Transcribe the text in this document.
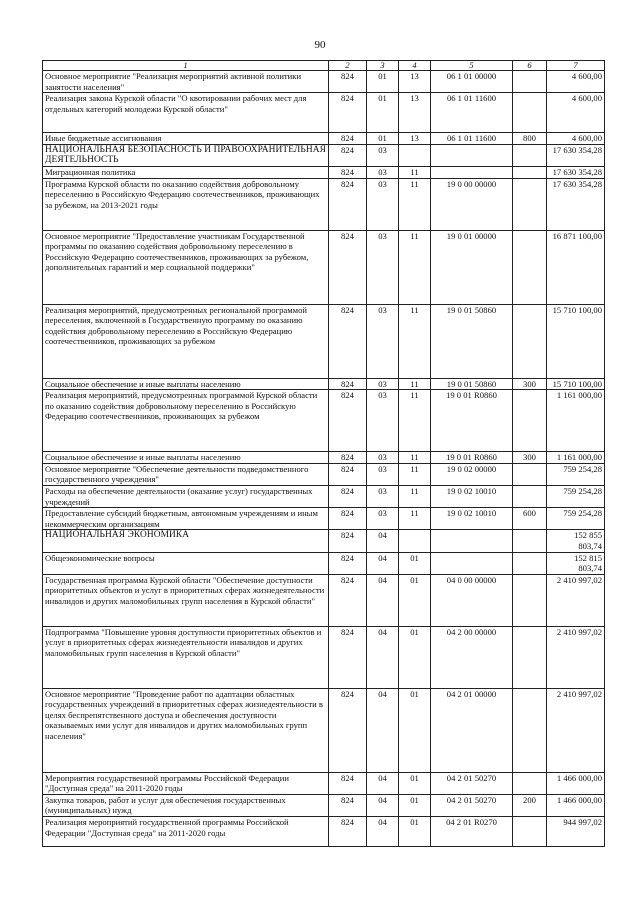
90
1	2	3	4	5	6	7
Основное мероприятие "Реализация мероприятий активной политики занятости населения"	824	01	13	06 1 01 00000		4 600,00
Реализация закона Курской области "О квотировании рабочих мест для отдельных категорий молодежи Курской области"	824	01	13	06 1 01 11600		4 600,00
Иные бюджетные ассигнования	824	01	13	06 1 01 11600	800	4 600,00
НАЦИОНАЛЬНАЯ БЕЗОПАСНОСТЬ И ПРАВООХРАНИТЕЛЬНАЯ ДЕЯТЕЛЬНОСТЬ	824	03				17 630 354,28
Миграционная политика	824	03	11			17 630 354,28
Программа Курской области по оказанию содействия добровольному переселению в Российскую Федерацию соотечественников, проживающих за рубежом, на 2013-2021 годы	824	03	11	19 0 00 00000		17 630 354,28
Основное мероприятие "Предоставление участникам Государственной программы по оказанию содействия добровольному переселению в Российскую Федерацию соотечественников, проживающих за рубежом, дополнительных гарантий и мер социальной поддержки"	824	03	11	19 0 01 00000		16 871 100,00
Реализация мероприятий, предусмотренных региональной программой переселения, включенной в Государственную программу по оказанию содействия добровольному переселению в Российскую Федерацию соотечественников, проживающих за рубежом	824	03	11	19 0 01 50860		15 710 100,00
Социальное обеспечение и иные выплаты населению	824	03	11	19 0 01 50860	300	15 710 100,00
Реализация мероприятий, предусмотренных программой Курской области по оказанию содействия добровольному переселению в Российскую Федерацию соотечественников, проживающих за рубежом	824	03	11	19 0 01 R0860		1 161 000,00
Социальное обеспечение и иные выплаты населению	824	03	11	19 0 01 R0860	300	1 161 000,00
Основное мероприятие "Обеспечение деятельности подведомственного государственного учреждения"	824	03	11	19 0 02 00000		759 254,28
Расходы на обеспечение деятельности (оказание услуг) государственных учреждений	824	03	11	19 0 02 10010		759 254,28
Предоставление субсидий бюджетным, автономным учреждениям и иным некоммерческим организациям	824	03	11	19 0 02 10010	600	759 254,28
НАЦИОНАЛЬНАЯ ЭКОНОМИКА	824	04				152 855 803,74
Общеэкономические вопросы	824	04	01			152 815 803,74
Государственная программа Курской области "Обеспечение доступности приоритетных объектов и услуг в приоритетных сферах жизнедеятельности инвалидов и других маломобильных групп населения в Курской области"	824	04	01	04 0 00 00000		2 410 997,02
Подпрограмма "Повышение уровня доступности приоритетных объектов и услуг в приоритетных сферах жизнедеятельности инвалидов и других маломобильных групп населения в Курской области"	824	04	01	04 2 00 00000		2 410 997,02
Основное мероприятие "Проведение работ по адаптации областных государственных учреждений в приоритетных сферах жизнедеятельности в целях беспрепятственного доступа и обеспечения доступности оказываемых ими услуг для инвалидов и других маломобильных групп населения"	824	04	01	04 2 01 00000		2 410 997,02
Мероприятия государственной программы Российской Федерации "Доступная среда" на 2011-2020 годы	824	04	01	04 2 01 50270		1 466 000,00
Закупка товаров, работ и услуг для обеспечения государственных (муниципальных) нужд	824	04	01	04 2 01 50270	200	1 466 000,00
Реализация мероприятий государственной программы Российской Федерации "Доступная среда" на 2011-2020 годы	824	04	01	04 2 01 R0270		944 997,02
